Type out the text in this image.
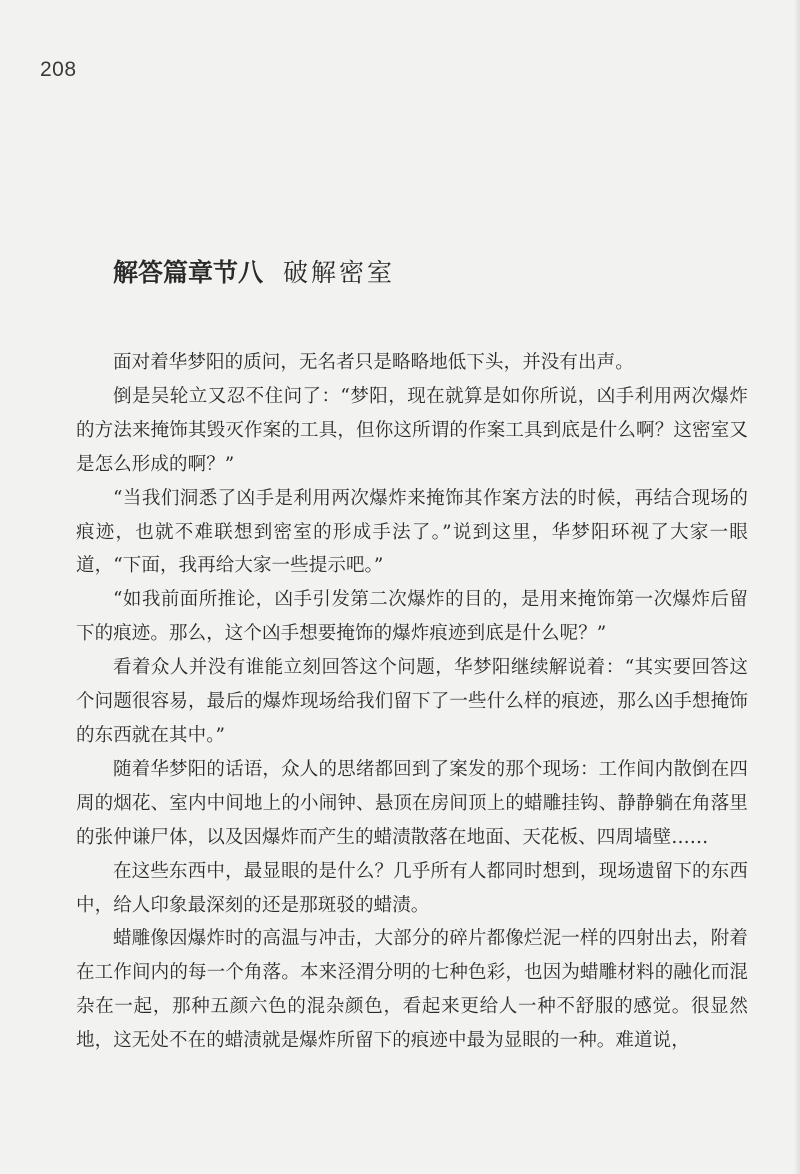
208
解答篇章节八 破解密室

面对着华梦阳的质问，无名者只是略略地低下头，并没有出声。

倒是吴轮立又忍不住问了：“梦阳，现在就算是如你所说，凶手利用两次爆炸的方法来掩饰其毁灭作案的工具，但你这所谓的作案工具到底是什么啊？这密室又是怎么形成的啊？”

“当我们洞悉了凶手是利用两次爆炸来掩饰其作案方法的时候，再结合现场的痕迹，也就不难联想到密室的形成手法了。”说到这里，华梦阳环视了大家一眼道，“下面，我再给大家一些提示吧。”

“如我前面所推论，凶手引发第二次爆炸的目的，是用来掩饰第一次爆炸后留下的痕迹。那么，这个凶手想要掩饰的爆炸痕迹到底是什么呢？”

看着众人并没有谁能立刻回答这个问题，华梦阳继续解说着：“其实要回答这个问题很容易，最后的爆炸现场给我们留下了一些什么样的痕迹，那么凶手想掩饰的东西就在其中。”

随着华梦阳的话语，众人的思绪都回到了案发的那个现场：工作间内散倒在四周的烟花、室内中间地上的小闹钟、悬顶在房间顶上的蜡雕挂钩、静静躺在角落里的张仲谦尸体，以及因爆炸而产生的蜡渍散落在地面、天花板、四周墙壁……

在这些东西中，最显眼的是什么？几乎所有人都同时想到，现场遗留下的东西中，给人印象最深刻的还是那斑驳的蜡渍。

蜡雕像因爆炸时的高温与冲击，大部分的碎片都像烂泥一样的四射出去，附着在工作间内的每一个角落。本来泾渭分明的七种色彩，也因为蜡雕材料的融化而混杂在一起，那种五颜六色的混杂颜色，看起来更给人一种不舒服的感觉。很显然地，这无处不在的蜡渍就是爆炸所留下的痕迹中最为显眼的一种。难道说，
